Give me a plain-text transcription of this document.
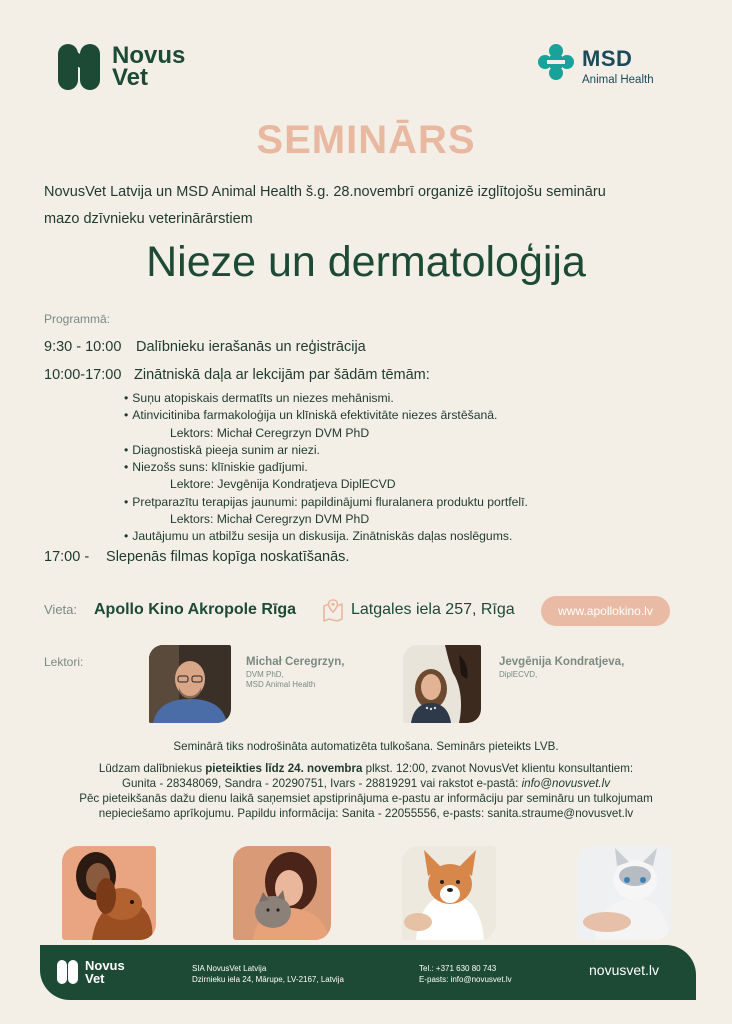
Novus
Vet
MSD
Animal Health
SEMINĀRS
NovusVet Latvija un MSD Animal Health š.g. 28.novembrī organizē izglītojošu semināru
mazo dzīvnieku veterinārārstiem
Nieze un dermatoloģija
Programmā:
9:30 - 10:00 Dalībnieku ierašanās un reģistrācija
10:00-17:00 Zinātniskā daļa ar lekcijām par šādām tēmām:
• Suņu atopiskais dermatīts un niezes mehānismi.
• Atinvicitiniba farmakoloģija un klīniskā efektivitāte niezes ārstēšanā.
Lektors: Michał Ceregrzyn DVM PhD
• Diagnostiskā pieeja sunim ar niezi.
• Niezošs suns: klīniskie gadījumi.
Lektore: Jevgēnija Kondratjeva DiplECVD
• Pretparazītu terapijas jaunumi: papildinājumi fluralanera produktu portfelī.
Lektors: Michał Ceregrzyn DVM PhD
• Jautājumu un atbilžu sesija un diskusija. Zinātniskās daļas noslēgums.
17:00 - Slepenās filmas kopīga noskatīšanās.
Vieta: Apollo Kino Akropole Rīga	Latgales iela 257, Rīga	www.apollokino.lv
Lektori:	Michał Ceregrzyn,
DVM PhD,
MSD Animal Health
Jevgēnija Kondratjeva,
DiplECVD,
Seminārā tiks nodrošināta automatizēta tulkošana. Seminārs pieteikts LVB.
Lūdzam dalībniekus pieteikties līdz 24. novembra plkst. 12:00, zvanot NovusVet klientu konsultantiem:
Gunita - 28348069, Sandra - 20290751, Ivars - 28819291 vai rakstot e-pastā: info@novusvet.lv
Pēc pieteikšanās dažu dienu laikā saņemsiet apstiprinājuma e-pastu ar informāciju par semināru un tulkojumam
nepieciešamo aprīkojumu. Papildu informācija: Sanita - 22055556, e-pasts: sanita.straume@novusvet.lv
Novus
Vet
SIA NovusVet Latvija
Dzirnieku iela 24, Mārupe, LV-2167, Latvija
Tel.: +371 630 80 743
E-pasts: info@novusvet.lv
novusvet.lv
